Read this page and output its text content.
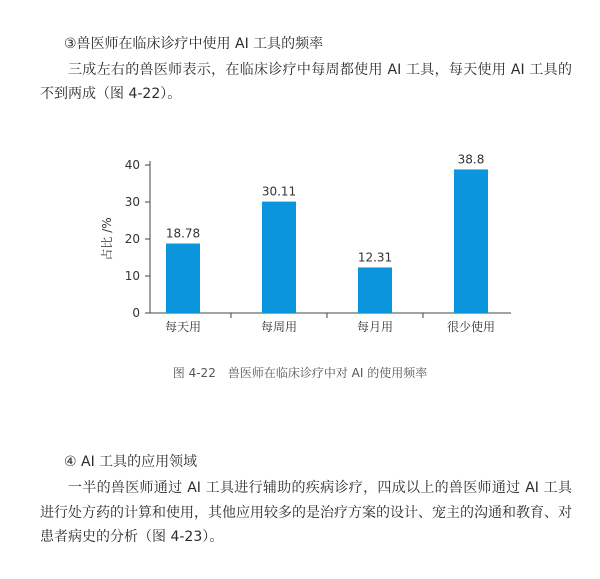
③兽医师在临床诊疗中使用 AI 工具的频率
三成左右的兽医师表示，在临床诊疗中每周都使用 AI 工具，每天使用 AI 工具的不到两成（图 4-22）。
0
10
20
30
40
占比 /%	18.78
每天用
30.11
每周用
12.31
每月用
38.8
很少使用
图 4-22　兽医师在临床诊疗中对 AI 的使用频率
④ AI 工具的应用领域
一半的兽医师通过 AI 工具进行辅助的疾病诊疗，四成以上的兽医师通过 AI 工具进行处方药的计算和使用，其他应用较多的是治疗方案的设计、宠主的沟通和教育、对患者病史的分析（图 4-23）。
